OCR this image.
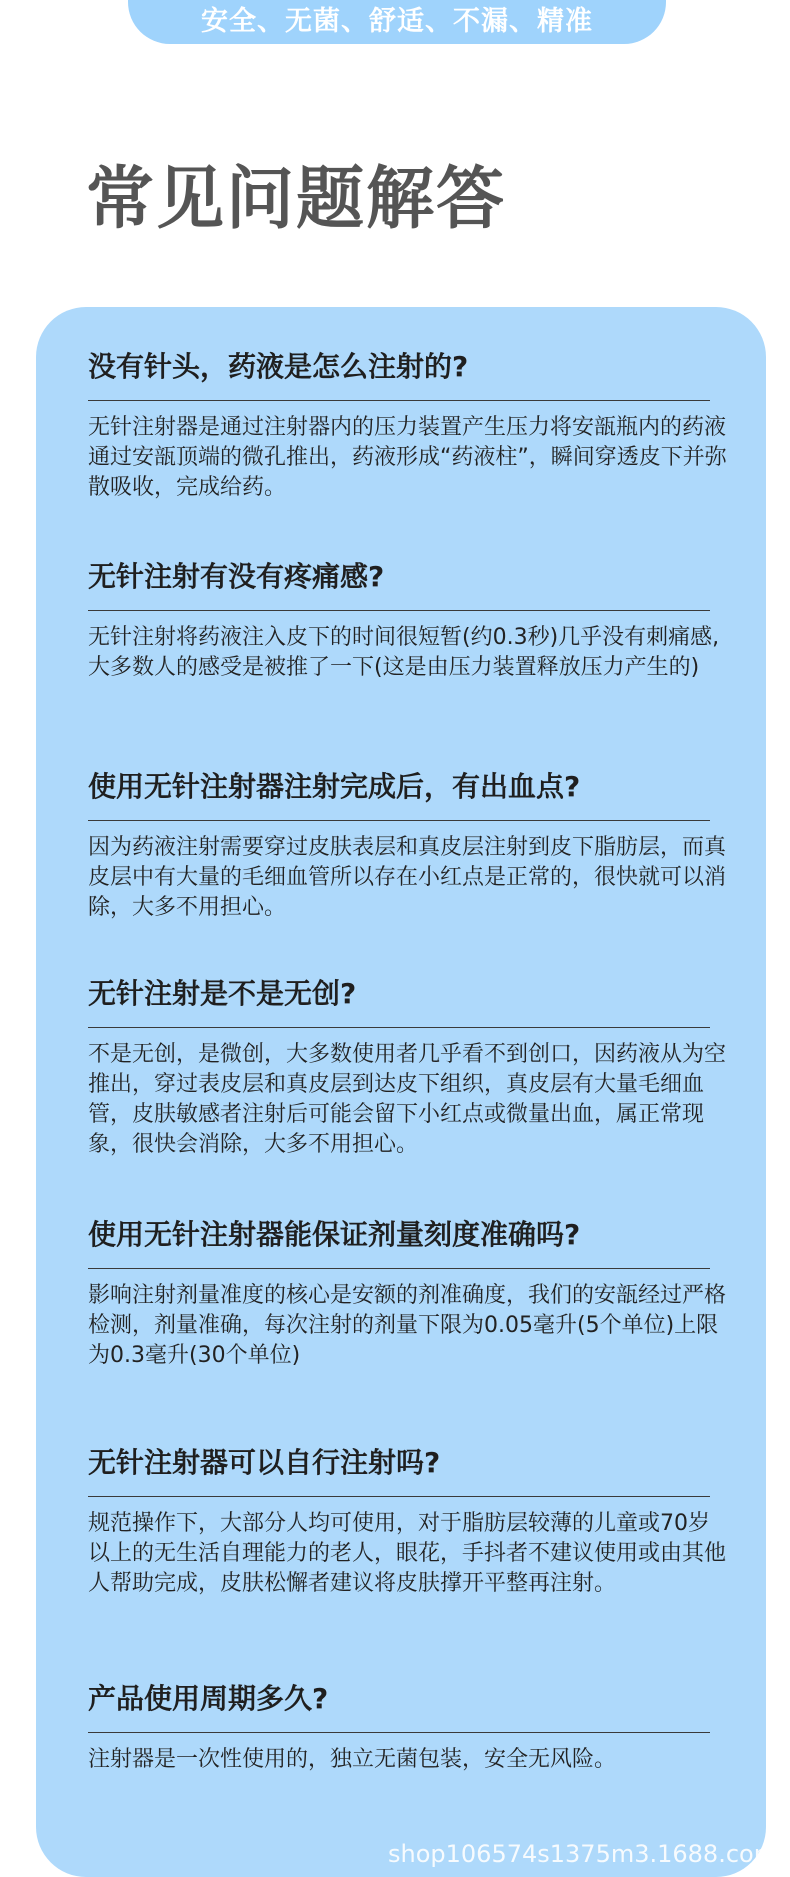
安全、无菌、舒适、不漏、精准
常见问题解答
没有针头，药液是怎么注射的?

无针注射器是通过注射器内的压力装置产生压力将安瓿瓶内的药液通过安瓿顶端的微孔推出，药液形成“药液柱”，瞬间穿透皮下并弥散吸收，完成给药。

无针注射有没有疼痛感?

无针注射将药液注入皮下的时间很短暂(约0.3秒)几乎没有刺痛感,大多数人的感受是被推了一下(这是由压力装置释放压力产生的)

使用无针注射器注射完成后，有出血点?

因为药液注射需要穿过皮肤表层和真皮层注射到皮下脂肪层，而真皮层中有大量的毛细血管所以存在小红点是正常的，很快就可以消除，大多不用担心。

无针注射是不是无创?

不是无创，是微创，大多数使用者几乎看不到创口，因药液从为空推出，穿过表皮层和真皮层到达皮下组织，真皮层有大量毛细血管，皮肤敏感者注射后可能会留下小红点或微量出血，属正常现象，很快会消除，大多不用担心。

使用无针注射器能保证剂量刻度准确吗?

影响注射剂量准度的核心是安额的剂准确度，我们的安瓿经过严格检测，剂量准确，每次注射的剂量下限为0.05毫升(5个单位)上限为0.3毫升(30个单位)

无针注射器可以自行注射吗?

规范操作下，大部分人均可使用，对于脂肪层较薄的儿童或70岁以上的无生活自理能力的老人，眼花，手抖者不建议使用或由其他人帮助完成，皮肤松懈者建议将皮肤撑开平整再注射。

产品使用周期多久?

注射器是一次性使用的，独立无菌包装，安全无风险。

shop106574s1375m3.1688.com
